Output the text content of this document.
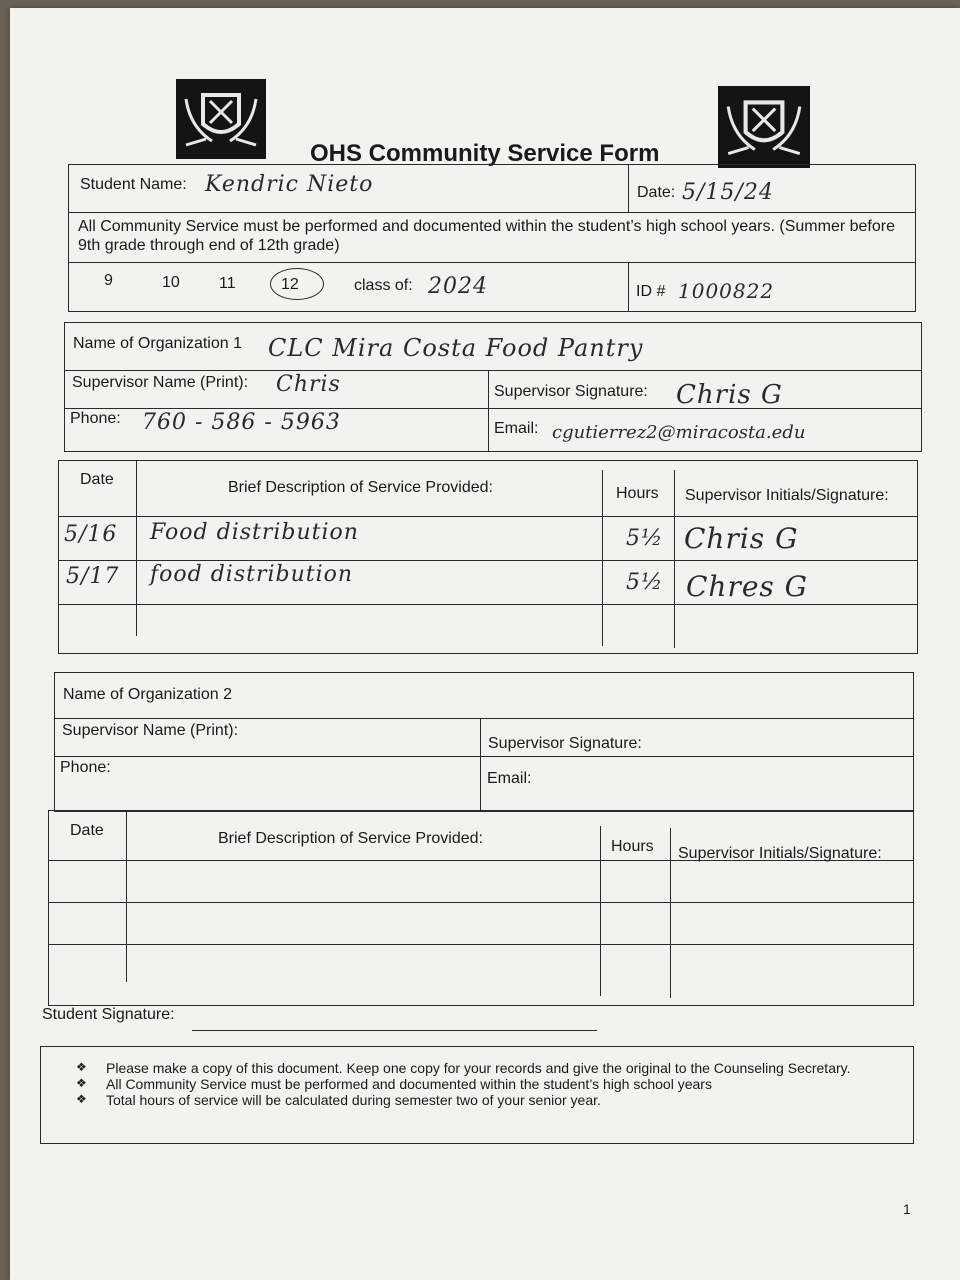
OHS Community Service Form
Student Name: Kendric Nieto	Date: 5/15/24
All Community Service must be performed and documented within the student’s high school years. (Summer before 9th grade through end of 12th grade)
9	10 11	12	class of: 2024	ID # 1000822
Name of Organization 1 CLC Mira Costa Food Pantry
Supervisor Name (Print): Chris	Supervisor Signature: Chris G
Phone: 760 - 586 - 5963	Email: cgutierrez2@miracosta.edu
Date	Brief Description of Service Provided:	Hours Supervisor Initials/Signature:
5/16 Food distribution	5½ Chris G
5/17 food distribution	5½ Chres G
Name of Organization 2
Supervisor Name (Print):
Supervisor Signature:
Phone:
Email:
Date	Brief Description of Service Provided:	Hours Supervisor Initials/Signature:
Student Signature:
❖ Please make a copy of this document. Keep one copy for your records and give the original to the Counseling Secretary.
❖ All Community Service must be performed and documented within the student’s high school years
❖ Total hours of service will be calculated during semester two of your senior year.
1
